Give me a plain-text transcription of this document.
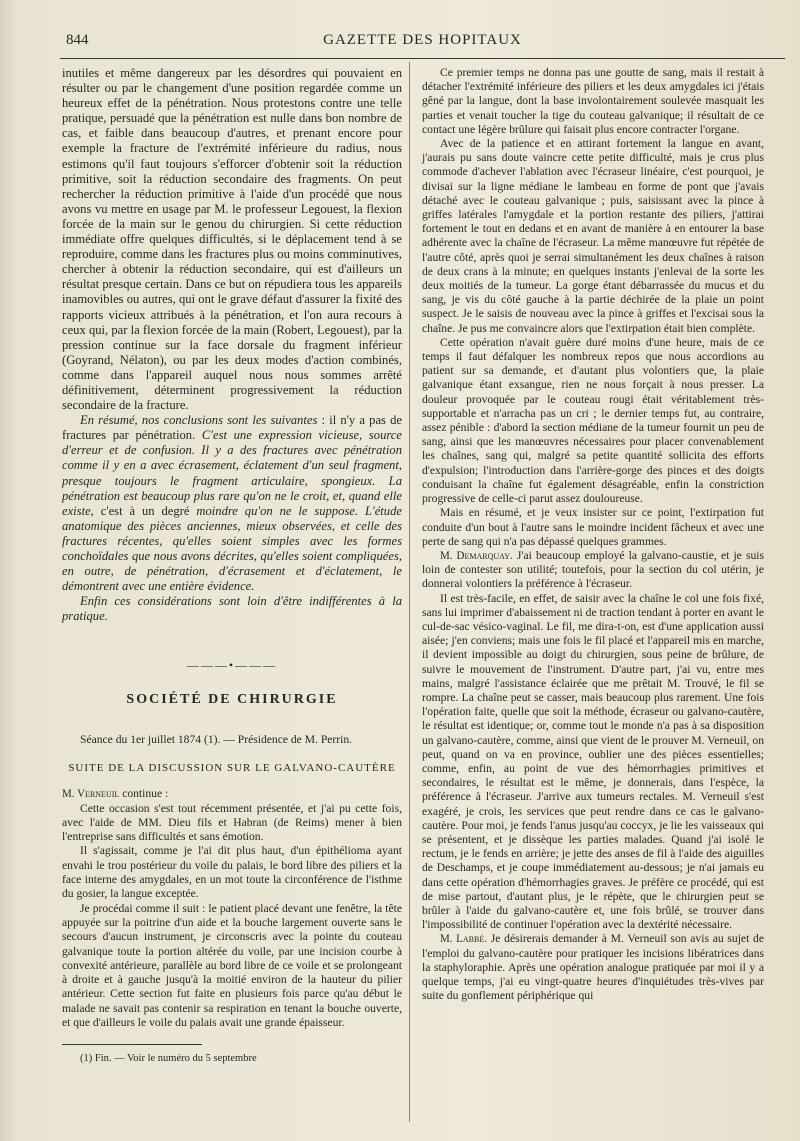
844	GAZETTE DES HOPITAUX

inutiles et même dangereux par les désordres qui pouvaient en résulter ou par le changement d'une position regardée comme un heureux effet de la pénétration. Nous protestons contre une telle pratique, persuadé que la pénétration est nulle dans bon nombre de cas, et faible dans beaucoup d'autres, et prenant encore pour exemple la fracture de l'extrémité inférieure du radius, nous estimons qu'il faut toujours s'efforcer d'obtenir soit la réduction primitive, soit la réduction secondaire des fragments. On peut rechercher la réduction primitive à l'aide d'un procédé que nous avons vu mettre en usage par M. le professeur Legouest, la flexion forcée de la main sur le genou du chirurgien. Si cette réduction immédiate offre quelques difficultés, si le déplacement tend à se reproduire, comme dans les fractures plus ou moins comminutives, chercher à obtenir la réduction secondaire, qui est d'ailleurs un résultat presque certain. Dans ce but on répudiera tous les appareils inamovibles ou autres, qui ont le grave défaut d'assurer la fixité des rapports vicieux attribués à la pénétration, et l'on aura recours à ceux qui, par la flexion forcée de la main (Robert, Legouest), par la pression continue sur la face dorsale du fragment inférieur (Goyrand, Nélaton), ou par les deux modes d'action combinés, comme dans l'appareil auquel nous nous sommes arrêté définitivement, déterminent progressivement la réduction secondaire de la fracture.

En résumé, nos conclusions sont les suivantes : il n'y a pas de fractures par pénétration. C'est une expression vicieuse, source d'erreur et de confusion. Il y a des fractures avec pénétration comme il y en a avec écrasement, éclatement d'un seul fragment, presque toujours le fragment articulaire, spongieux. La pénétration est beaucoup plus rare qu'on ne le croit, et, quand elle existe, c'est à un degré moindre qu'on ne le suppose. L'étude anatomique des pièces anciennes, mieux observées, et celle des fractures récentes, qu'elles soient simples avec les formes conchoïdales que nous avons décrites, qu'elles soient compliquées, en outre, de pénétration, d'écrasement et d'éclatement, le démontrent avec une entière évidence.

Enfin ces considérations sont loin d'être indifférentes à la pratique.

———•———
SOCIÉTÉ DE CHIRURGIE

Séance du 1er juillet 1874 (1). — Présidence de M. Perrin.

SUITE DE LA DISCUSSION SUR LE GALVANO-CAUTÈRE

M. Verneuil continue :

Cette occasion s'est tout récemment présentée, et j'ai pu cette fois, avec l'aide de MM. Dieu fils et Habran (de Reims) mener à bien l'entreprise sans difficultés et sans émotion.

Il s'agissait, comme je l'ai dit plus haut, d'un épithélioma ayant envahi le trou postérieur du voile du palais, le bord libre des piliers et la face interne des amygdales, en un mot toute la circonférence de l'isthme du gosier, la langue exceptée.

Je procédai comme il suit : le patient placé devant une fenêtre, la tête appuyée sur la poitrine d'un aide et la bouche largement ouverte sans le secours d'aucun instrument, je circonscris avec la pointe du couteau galvanique toute la portion altérée du voile, par une incision courbe à convexité antérieure, parallèle au bord libre de ce voile et se prolongeant à droite et à gauche jusqu'à la moitié environ de la hauteur du pilier antérieur. Cette section fut faite en plusieurs fois parce qu'au début le malade ne savait pas contenir sa respiration en tenant la bouche ouverte, et que d'ailleurs le voile du palais avait une grande épaisseur.

(1) Fin. — Voir le numéro du 5 septembre

Ce premier temps ne donna pas une goutte de sang, mais il restait à détacher l'extrémité inférieure des piliers et les deux amygdales ici j'étais gêné par la langue, dont la base involontairement soulevée masquait les parties et venait toucher la tige du couteau galvanique; il résultait de ce contact une légère brûlure qui faisait plus encore contracter l'organe.

Avec de la patience et en attirant fortement la langue en avant, j'aurais pu sans doute vaincre cette petite difficulté, mais je crus plus commode d'achever l'ablation avec l'écraseur linéaire, c'est pourquoi, je divisai sur la ligne médiane le lambeau en forme de pont que j'avais détaché avec le couteau galvanique ; puis, saisissant avec la pince à griffes latérales l'amygdale et la portion restante des piliers, j'attirai fortement le tout en dedans et en avant de manière à en entourer la base adhérente avec la chaîne de l'écraseur. La même manœuvre fut répétée de l'autre côté, après quoi je serrai simultanément les deux chaînes à raison de deux crans à la minute; en quelques instants j'enlevai de la sorte les deux moitiés de la tumeur. La gorge étant débarrassée du mucus et du sang, je vis du côté gauche à la partie déchirée de la plaie un point suspect. Je le saisis de nouveau avec la pince à griffes et l'excisai sous la chaîne. Je pus me convaincre alors que l'extirpation était bien complète.

Cette opération n'avait guère duré moins d'une heure, mais de ce temps il faut défalquer les nombreux repos que nous accordions au patient sur sa demande, et d'autant plus volontiers que, la plaie galvanique étant exsangue, rien ne nous forçait à nous presser. La douleur provoquée par le couteau rougi était véritablement très-supportable et n'arracha pas un cri ; le dernier temps fut, au contraire, assez pénible : d'abord la section médiane de la tumeur fournit un peu de sang, ainsi que les manœuvres nécessaires pour placer convenablement les chaînes, sang qui, malgré sa petite quantité sollicita des efforts d'expulsion; l'introduction dans l'arrière-gorge des pinces et des doigts conduisant la chaîne fut également désagréable, enfin la constriction progressive de celle-ci parut assez douloureuse.

Mais en résumé, et je veux insister sur ce point, l'extirpation fut conduite d'un bout à l'autre sans le moindre incident fâcheux et avec une perte de sang qui n'a pas dépassé quelques grammes.

M. Demarquay. J'ai beaucoup employé la galvano-caustie, et je suis loin de contester son utilité; toutefois, pour la section du col utérin, je donnerai volontiers la préférence à l'écraseur.

Il est très-facile, en effet, de saisir avec la chaîne le col une fois fixé, sans lui imprimer d'abaissement ni de traction tendant à porter en avant le cul-de-sac vésico-vaginal. Le fil, me dira-t-on, est d'une application aussi aisée; j'en conviens; mais une fois le fil placé et l'appareil mis en marche, il devient impossible au doigt du chirurgien, sous peine de brûlure, de suivre le mouvement de l'instrument. D'autre part, j'ai vu, entre mes mains, malgré l'assistance éclairée que me prêtait M. Trouvé, le fil se rompre. La chaîne peut se casser, mais beaucoup plus rarement. Une fois l'opération faite, quelle que soit la méthode, écraseur ou galvano-cautère, le résultat est identique; or, comme tout le monde n'a pas à sa disposition un galvano-cautère, comme, ainsi que vient de le prouver M. Verneuil, on peut, quand on va en province, oublier une des pièces essentielles; comme, enfin, au point de vue des hémorrhagies primitives et secondaires, le résultat est le même, je donnerais, dans l'espèce, la préférence à l'écraseur. J'arrive aux tumeurs rectales. M. Verneuil s'est exagéré, je crois, les services que peut rendre dans ce cas le galvano-cautère. Pour moi, je fends l'anus jusqu'au coccyx, je lie les vaisseaux qui se présentent, et je dissèque les parties malades. Quand j'ai isolé le rectum, je le fends en arrière; je jette des anses de fil à l'aide des aiguilles de Deschamps, et je coupe immédiatement au-dessous; je n'ai jamais eu dans cette opération d'hémorrhagies graves. Je préfère ce procédé, qui est de mise partout, d'autant plus, je le répète, que le chirurgien peut se brûler à l'aide du galvano-cautère et, une fois brûlé, se trouver dans l'impossibilité de continuer l'opération avec la dextérité nécessaire.

M. Labbé. Je désirerais demander à M. Verneuil son avis au sujet de l'emploi du galvano-cautère pour pratiquer les incisions libératrices dans la staphyloraphie. Après une opération analogue pratiquée par moi il y a quelque temps, j'ai eu vingt-quatre heures d'inquiétudes très-vives par suite du gonflement périphérique qui
